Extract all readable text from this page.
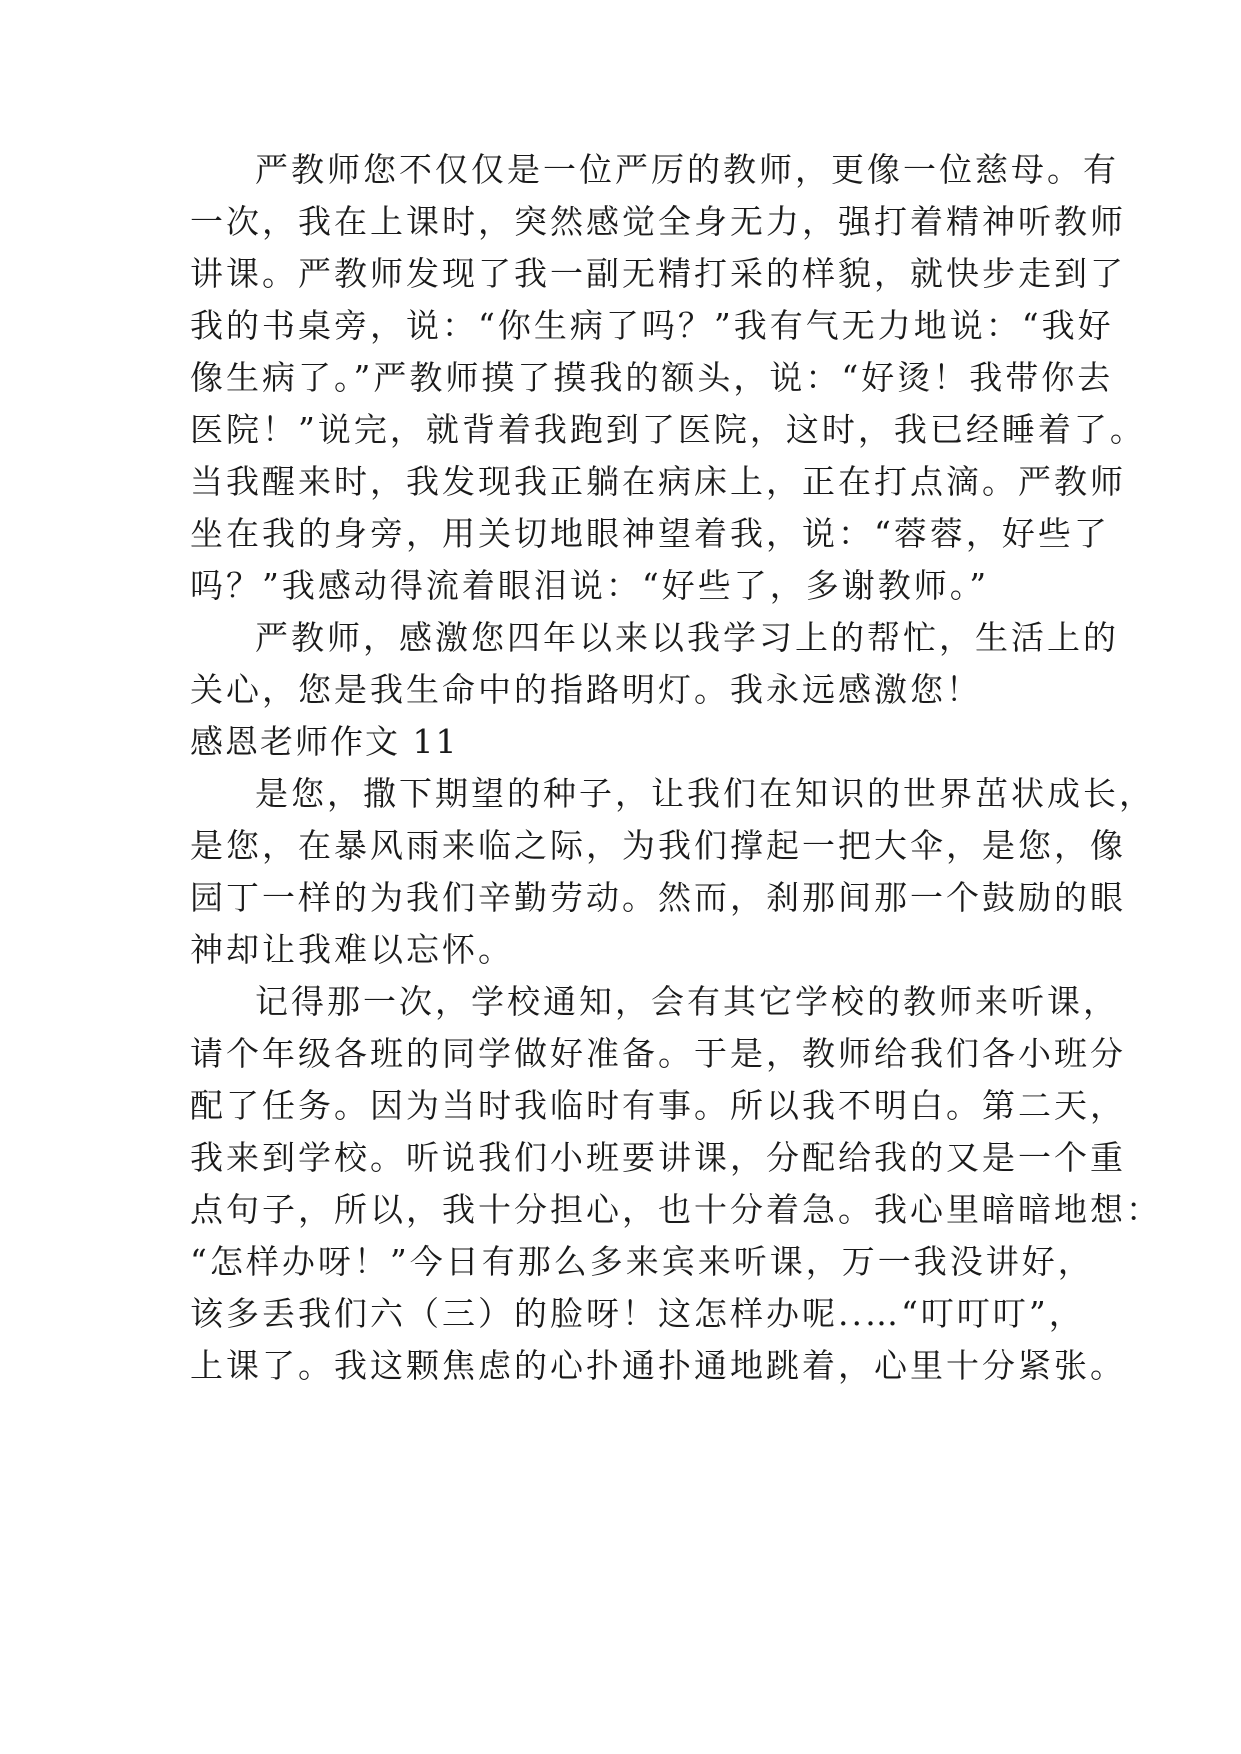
严教师您不仅仅是一位严厉的教师，更像一位慈母。有
一次，我在上课时，突然感觉全身无力，强打着精神听教师
讲课。严教师发现了我一副无精打采的样貌，就快步走到了
我的书桌旁，说：“你生病了吗？”我有气无力地说：“我好
像生病了。”严教师摸了摸我的额头，说：“好烫！我带你去
医院！”说完，就背着我跑到了医院，这时，我已经睡着了。
当我醒来时，我发现我正躺在病床上，正在打点滴。严教师
坐在我的身旁，用关切地眼神望着我，说：“蓉蓉，好些了
吗？”我感动得流着眼泪说：“好些了，多谢教师。”
严教师，感激您四年以来以我学习上的帮忙，生活上的
关心，您是我生命中的指路明灯。我永远感激您！
感恩老师作文 11
是您，撒下期望的种子，让我们在知识的世界茁状成长，
是您，在暴风雨来临之际，为我们撑起一把大伞，是您，像
园丁一样的为我们辛勤劳动。然而，刹那间那一个鼓励的眼
神却让我难以忘怀。
记得那一次，学校通知，会有其它学校的教师来听课，
请个年级各班的同学做好准备。于是，教师给我们各小班分
配了任务。因为当时我临时有事。所以我不明白。第二天，
我来到学校。听说我们小班要讲课，分配给我的又是一个重
点句子，所以，我十分担心，也十分着急。我心里暗暗地想：
“怎样办呀！”今日有那么多来宾来听课，万一我没讲好，
该多丢我们六（三）的脸呀！这怎样办呢..…“叮叮叮”，
上课了。我这颗焦虑的心扑通扑通地跳着，心里十分紧张。
